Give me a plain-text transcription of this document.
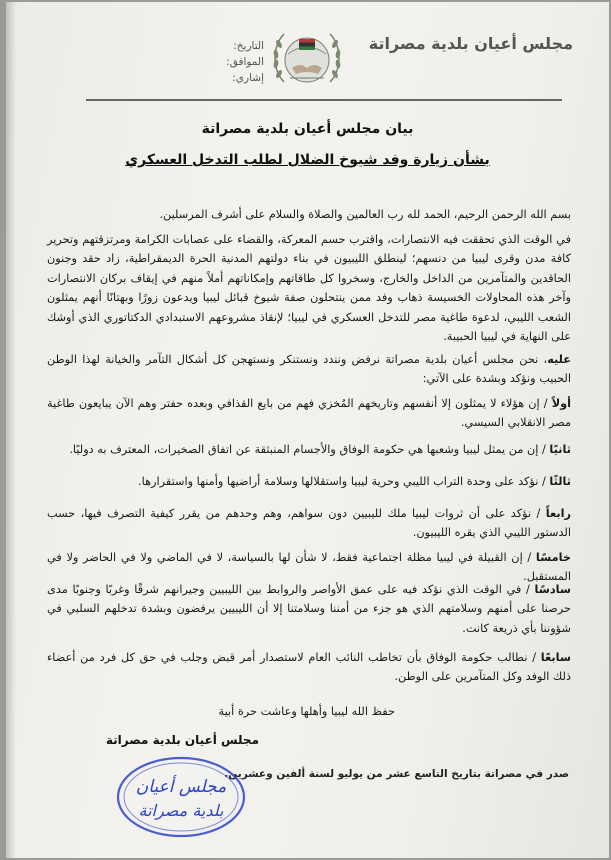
مجلس أعيان بلدية مصراتة
التاريخ:
الموافق:
إشاري:
بيان مجلس أعيان بلدية مصراتة
بشأن زيارة وفد شيوخ الضلال لطلب التدخل العسكري
بسم الله الرحمن الرحيم، الحمد لله رب العالمين والصلاة والسلام على أشرف المرسلين.
في الوقت الذي تحققت فيه الانتصارات، واقترب حسم المعركة، والقضاء على عصابات الكرامة ومرتزقتهم وتحرير كافة مدن وقرى ليبيا من دنسهم؛ لينطلق الليبيون في بناء دولتهم المدنية الحرة الديمقراطية، زاد حقد وجنون الحاقدين والمتآمرين من الداخل والخارج، وسخروا كل طاقاتهم وإمكاناتهم أملاً منهم في إيقاف بركان الانتصارات وآخر هذه المحاولات الخسيسة ذهاب وفد ممن ينتحلون صفة شيوخ قبائل ليبيا ويدعون زورًا وبهتانًا أنهم يمثلون الشعب الليبي، لدعوة طاغية مصر للتدخل العسكري في ليبيا؛ لإنقاذ مشروعهم الاستبدادي الدكتاتوري الذي أوشك على النهاية في ليبيا الحبيبة.
عليه، نحن مجلس أعيان بلدية مصراتة نرفض ونندد ونستنكر ونستهجن كل أشكال التآمر والخيانة لهذا الوطن الحبيب ونؤكد وبشدة على الآتي:
أولاً / إن هؤلاء لا يمثلون إلا أنفسهم وتاريخهم المُخزي فهم من بايع القذافي وبعده حفتر وهم الآن يبايعون طاغية مصر الانقلابي السيسي.
ثانيًا / إن من يمثل ليبيا وشعبها هي حكومة الوفاق والأجسام المنبثقة عن اتفاق الصخيرات، المعترف به دوليًا.
ثالثًا / نؤكد على وحدة التراب الليبي وحرية ليبيا واستقلالها وسلامة أراضيها وأمنها واستقرارها.
رابعاً / نؤكد على أن ثروات ليبيا ملك لليبيين دون سواهم، وهم وحدهم من يقرر كيفية التصرف فيها، حسب الدستور الليبي الذي يقره الليبيون.
خامسًا / إن القبيلة في ليبيا مظلة اجتماعية فقط، لا شأن لها بالسياسة، لا في الماضي ولا في الحاضر ولا في المستقبل.
سادسًا / في الوقت الذي نؤكد فيه على عمق الأواصر والروابط بين الليبيين وجيرانهم شرقًا وغربًا وجنوبًا مدى حرصنا على أمنهم وسلامتهم الذي هو جزء من أمننا وسلامتنا إلا أن الليبيين يرفضون وبشدة تدخلهم السلبي في شؤوننا بأي ذريعة كانت.
سابعًا / نطالب حكومة الوفاق بأن تخاطب النائب العام لاستصدار أمر قبض وجلب في حق كل فرد من أعضاء ذلك الوفد وكل المتآمرين على الوطن.
حفظ الله ليبيا وأهلها وعاشت حرة أبية
مجلس أعيان بلدية مصراتة
صدر في مصراتة بتاريخ التاسع عشر من يوليو لسنة ألفين وعشرين.
مجلس أعيان
بلدية مصراتة
